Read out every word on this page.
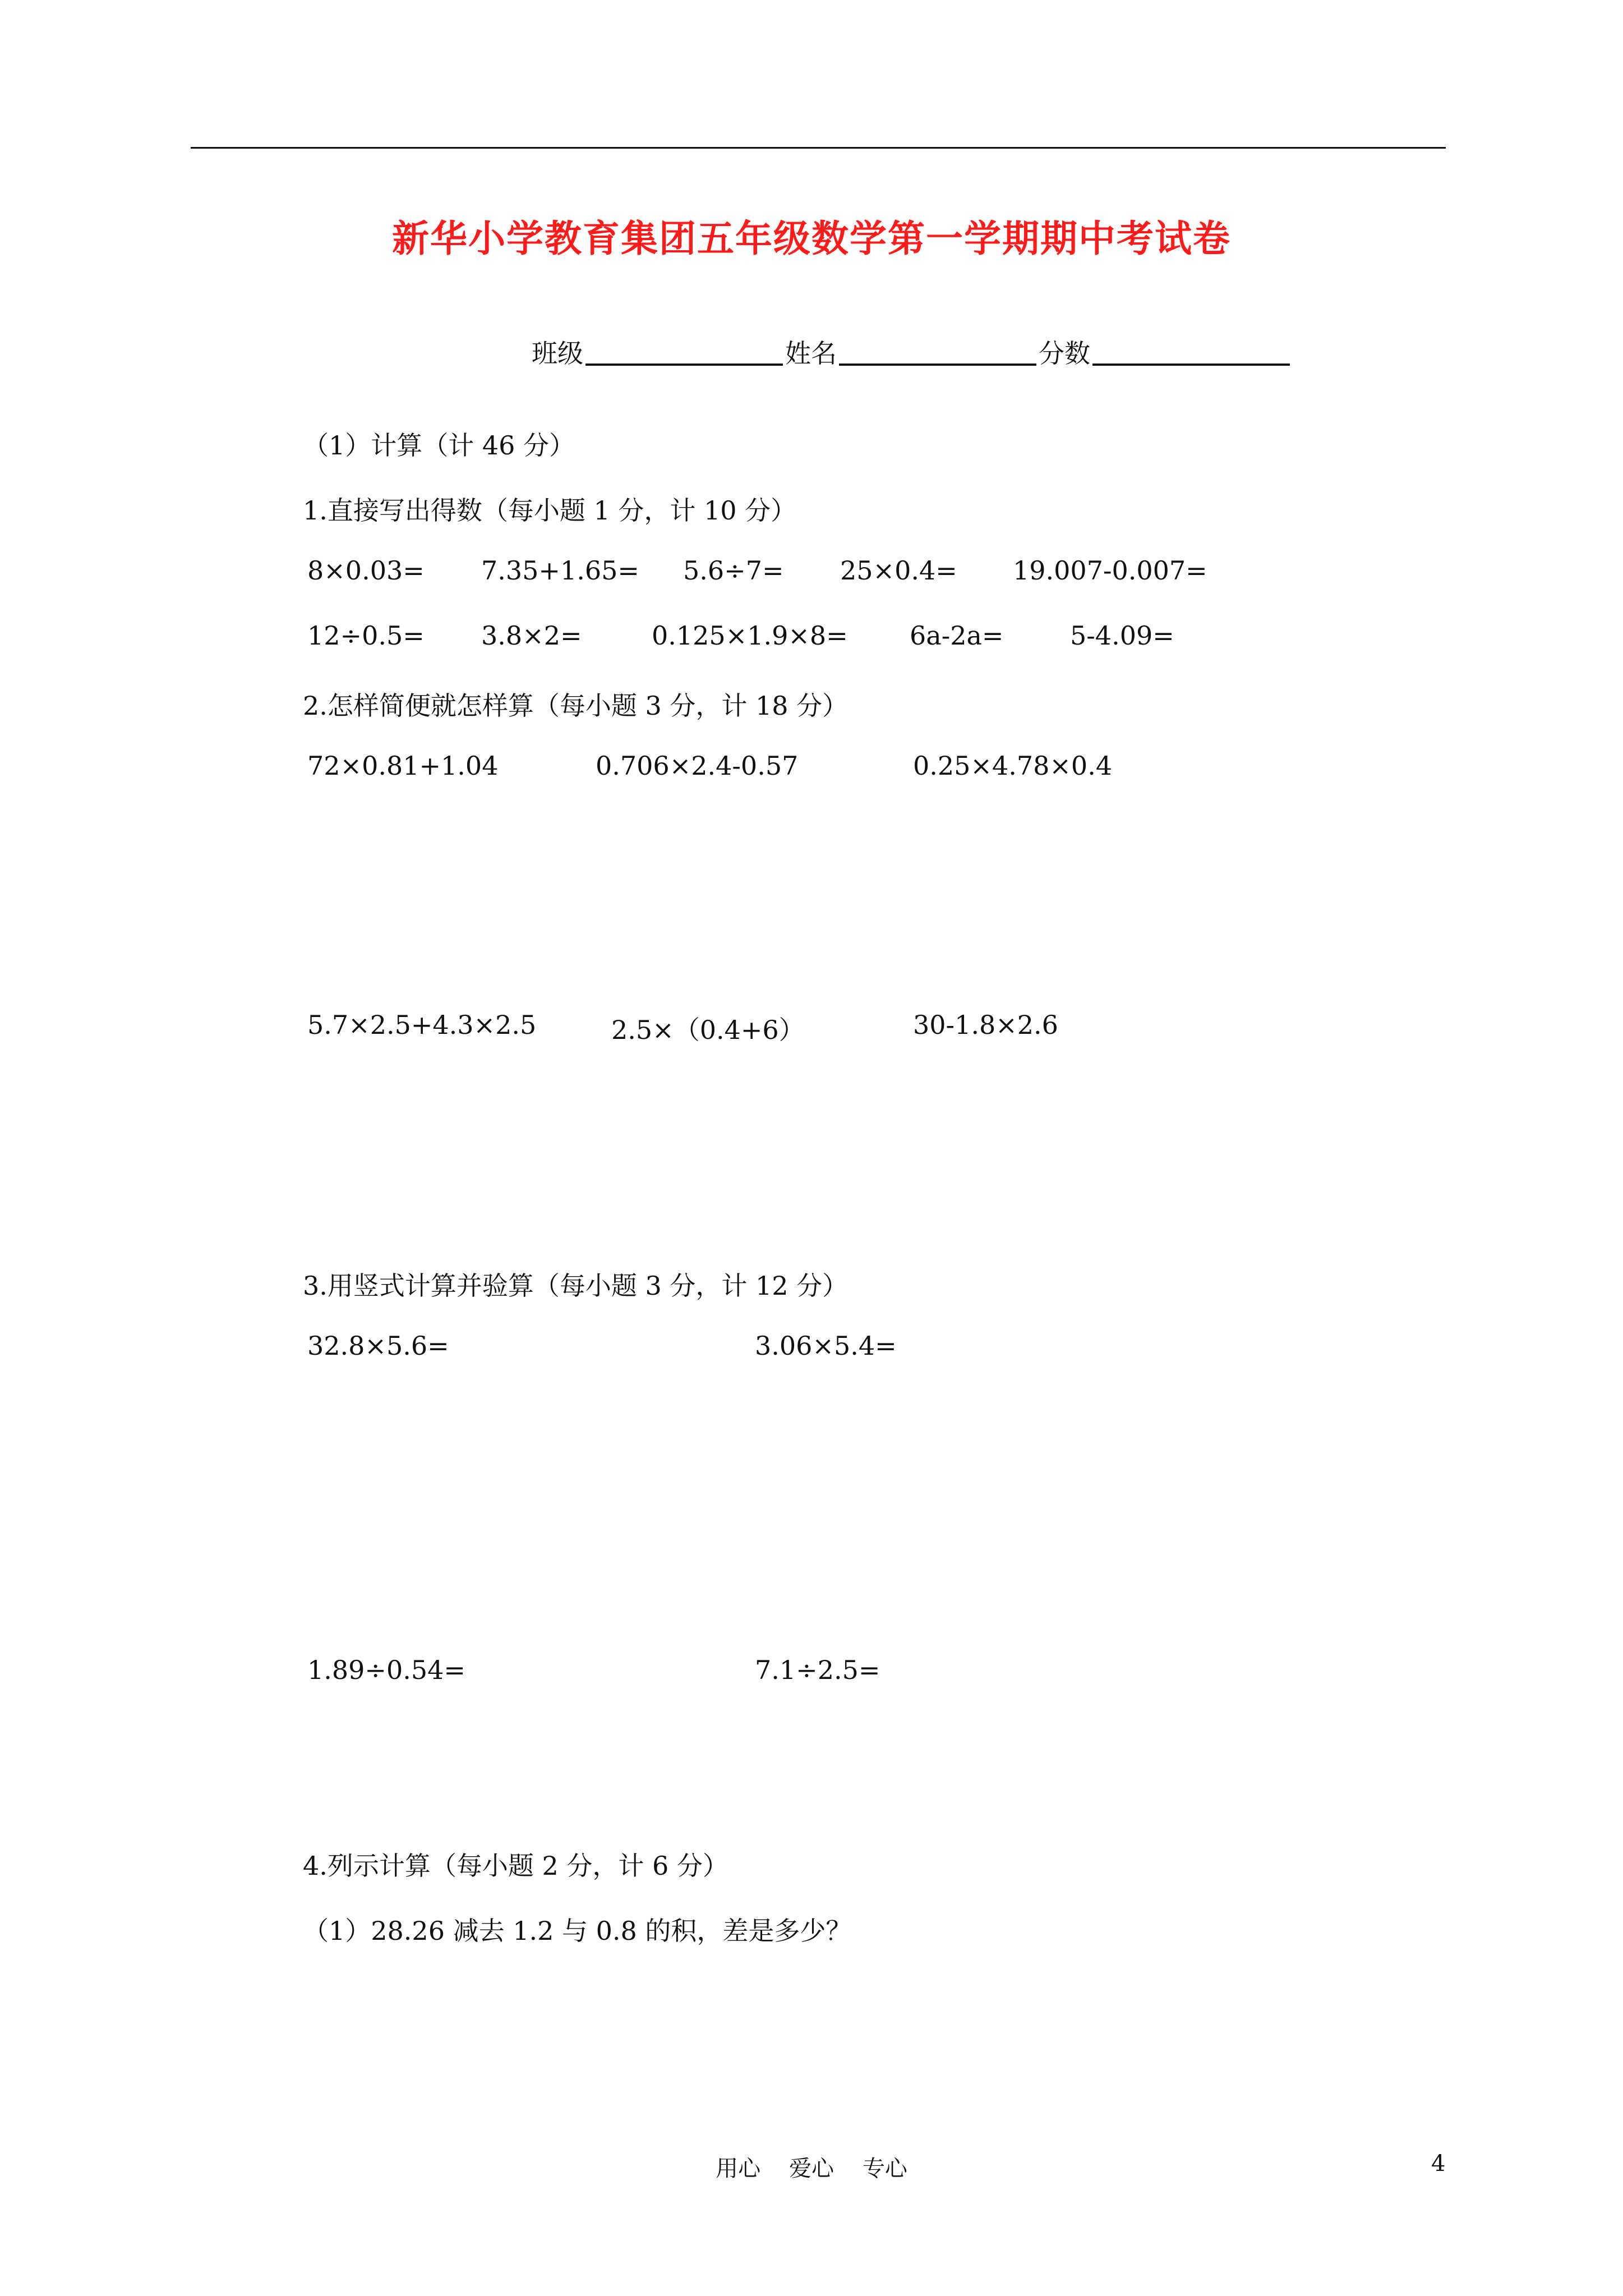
新华小学教育集团五年级数学第一学期期中考试卷
班级	姓名	分数
（1）计算（计 46 分）
1.直接写出得数（每小题 1 分，计 10 分）
8×0.03= 7.35+1.65= 5.6÷7= 25×0.4= 19.007-0.007=
12÷0.5= 3.8×2=	0.125×1.9×8= 6a-2a=	5-4.09=
2.怎样简便就怎样算（每小题 3 分，计 18 分）
72×0.81+1.04	0.706×2.4-0.57	0.25×4.78×0.4
5.7×2.5+4.3×2.5	2.5×（0.4+6）	30-1.8×2.6
3.用竖式计算并验算（每小题 3 分，计 12 分）
32.8×5.6=	3.06×5.4=
1.89÷0.54=	7.1÷2.5=
4.列示计算（每小题 2 分，计 6 分）
（1）28.26 减去 1.2 与 0.8 的积，差是多少？
用心    爱心    专心	4
